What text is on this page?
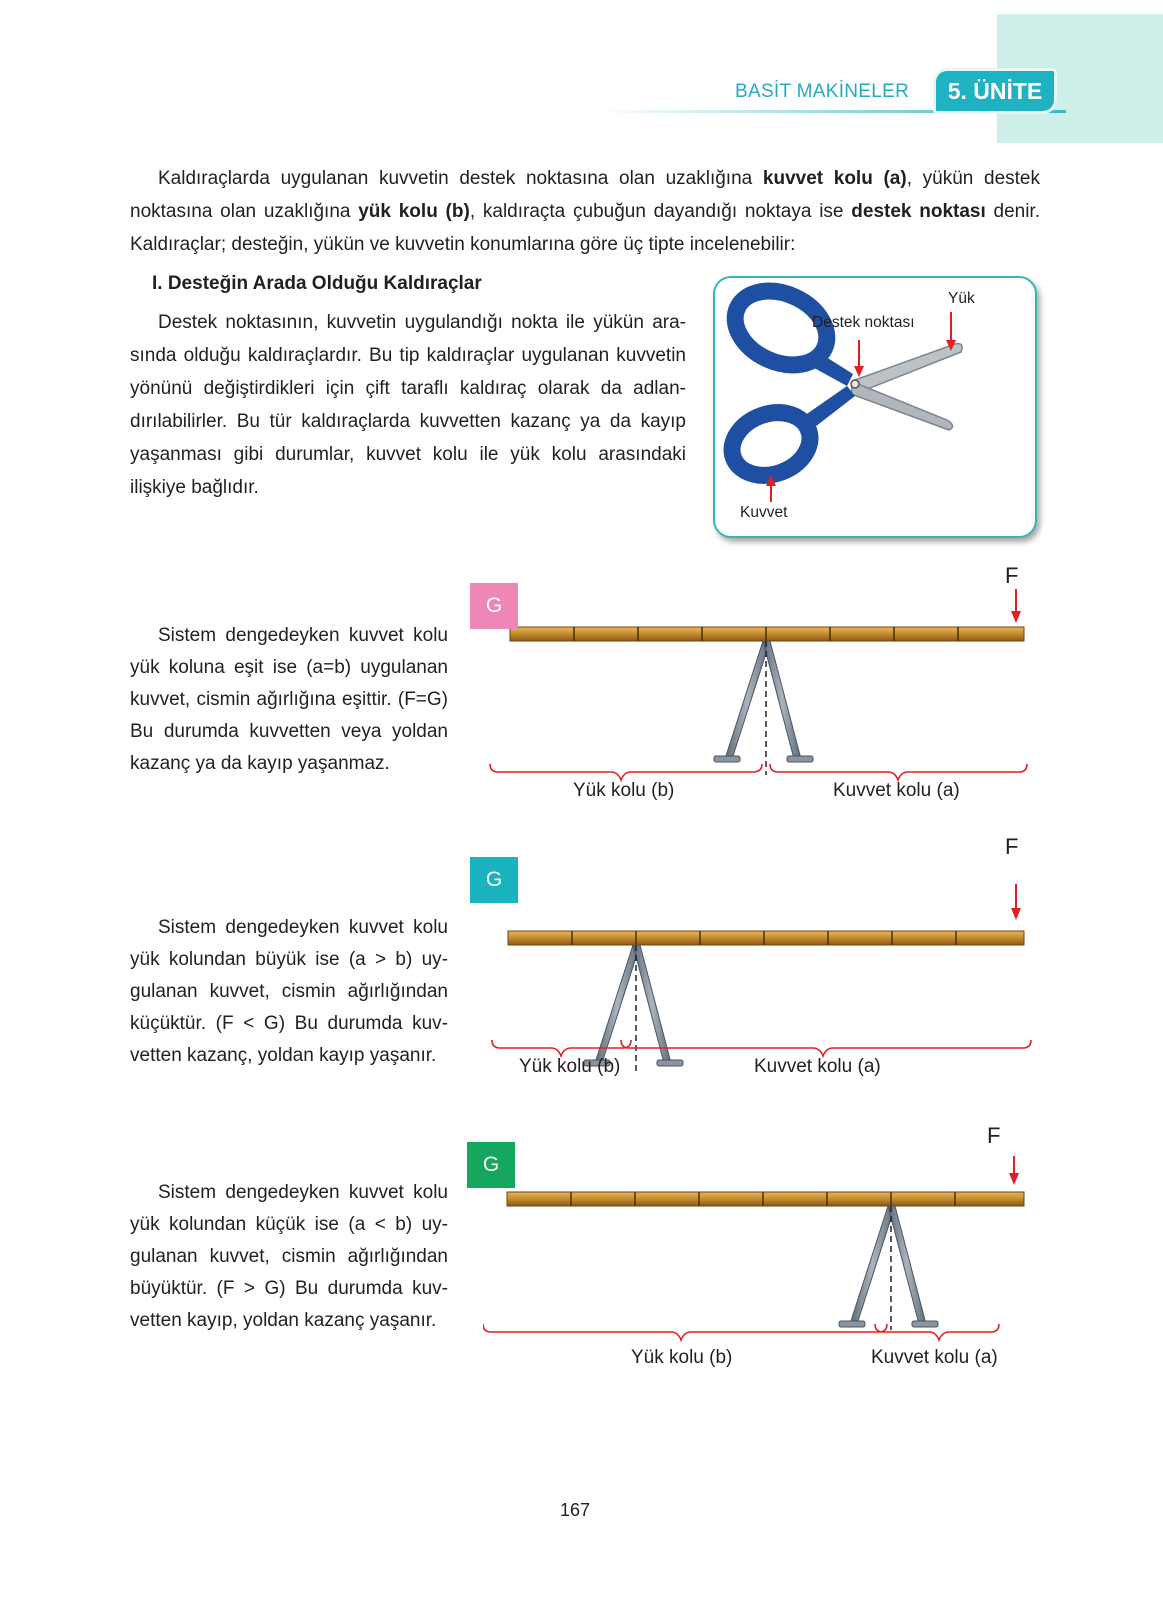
BASİT MAKİNELER	5. ÜNİTE
Kaldıraçlarda uygulanan kuvvetin destek noktasına olan uzaklığına kuvvet kolu (a), yükün destek noktasına olan uzaklığına yük kolu (b), kaldıraçta çubuğun dayandığı noktaya ise destek noktası denir. Kaldıraçlar; desteğin, yükün ve kuvvetin konumlarına göre üç tipte incelenebilir:
I. Desteğin Arada Olduğu Kaldıraçlar
Destek noktasının, kuvvetin uygulandığı nokta ile yükün arasında olduğu kaldıraçlardır. Bu tip kaldıraçlar uygulanan kuvvetin yönünü değiştirdikleri için çift taraflı kaldıraç olarak da adlandırılabilirler. Bu tür kaldıraçlarda kuvvetten kazanç ya da kayıp yaşanması gibi durumlar, kuvvet kolu ile yük kolu arasındaki ilişkiye bağlıdır.
Yük
Destek noktası
Kuvvet
Sistem dengedeyken kuvvet kolu yük koluna eşit ise (a=b) uygulanan kuvvet, cismin ağırlığına eşittir. (F=G) Bu durumda kuvvetten veya yoldan kazanç ya da kayıp yaşanmaz.
G
F
Yük kolu (b)	Kuvvet kolu (a)
Sistem dengedeyken kuvvet kolu yük kolundan büyük ise (a > b) uygulanan kuvvet, cismin ağırlığından küçüktür. (F < G) Bu durumda kuvvetten kazanç, yoldan kayıp yaşanır.
G
F
Yük kolu (b)	Kuvvet kolu (a)
Sistem dengedeyken kuvvet kolu yük kolundan küçük ise (a < b) uygulanan kuvvet, cismin ağırlığından büyüktür. (F > G) Bu durumda kuvvetten kayıp, yoldan kazanç yaşanır.
G
F
Yük kolu (b)	Kuvvet kolu (a)
167
